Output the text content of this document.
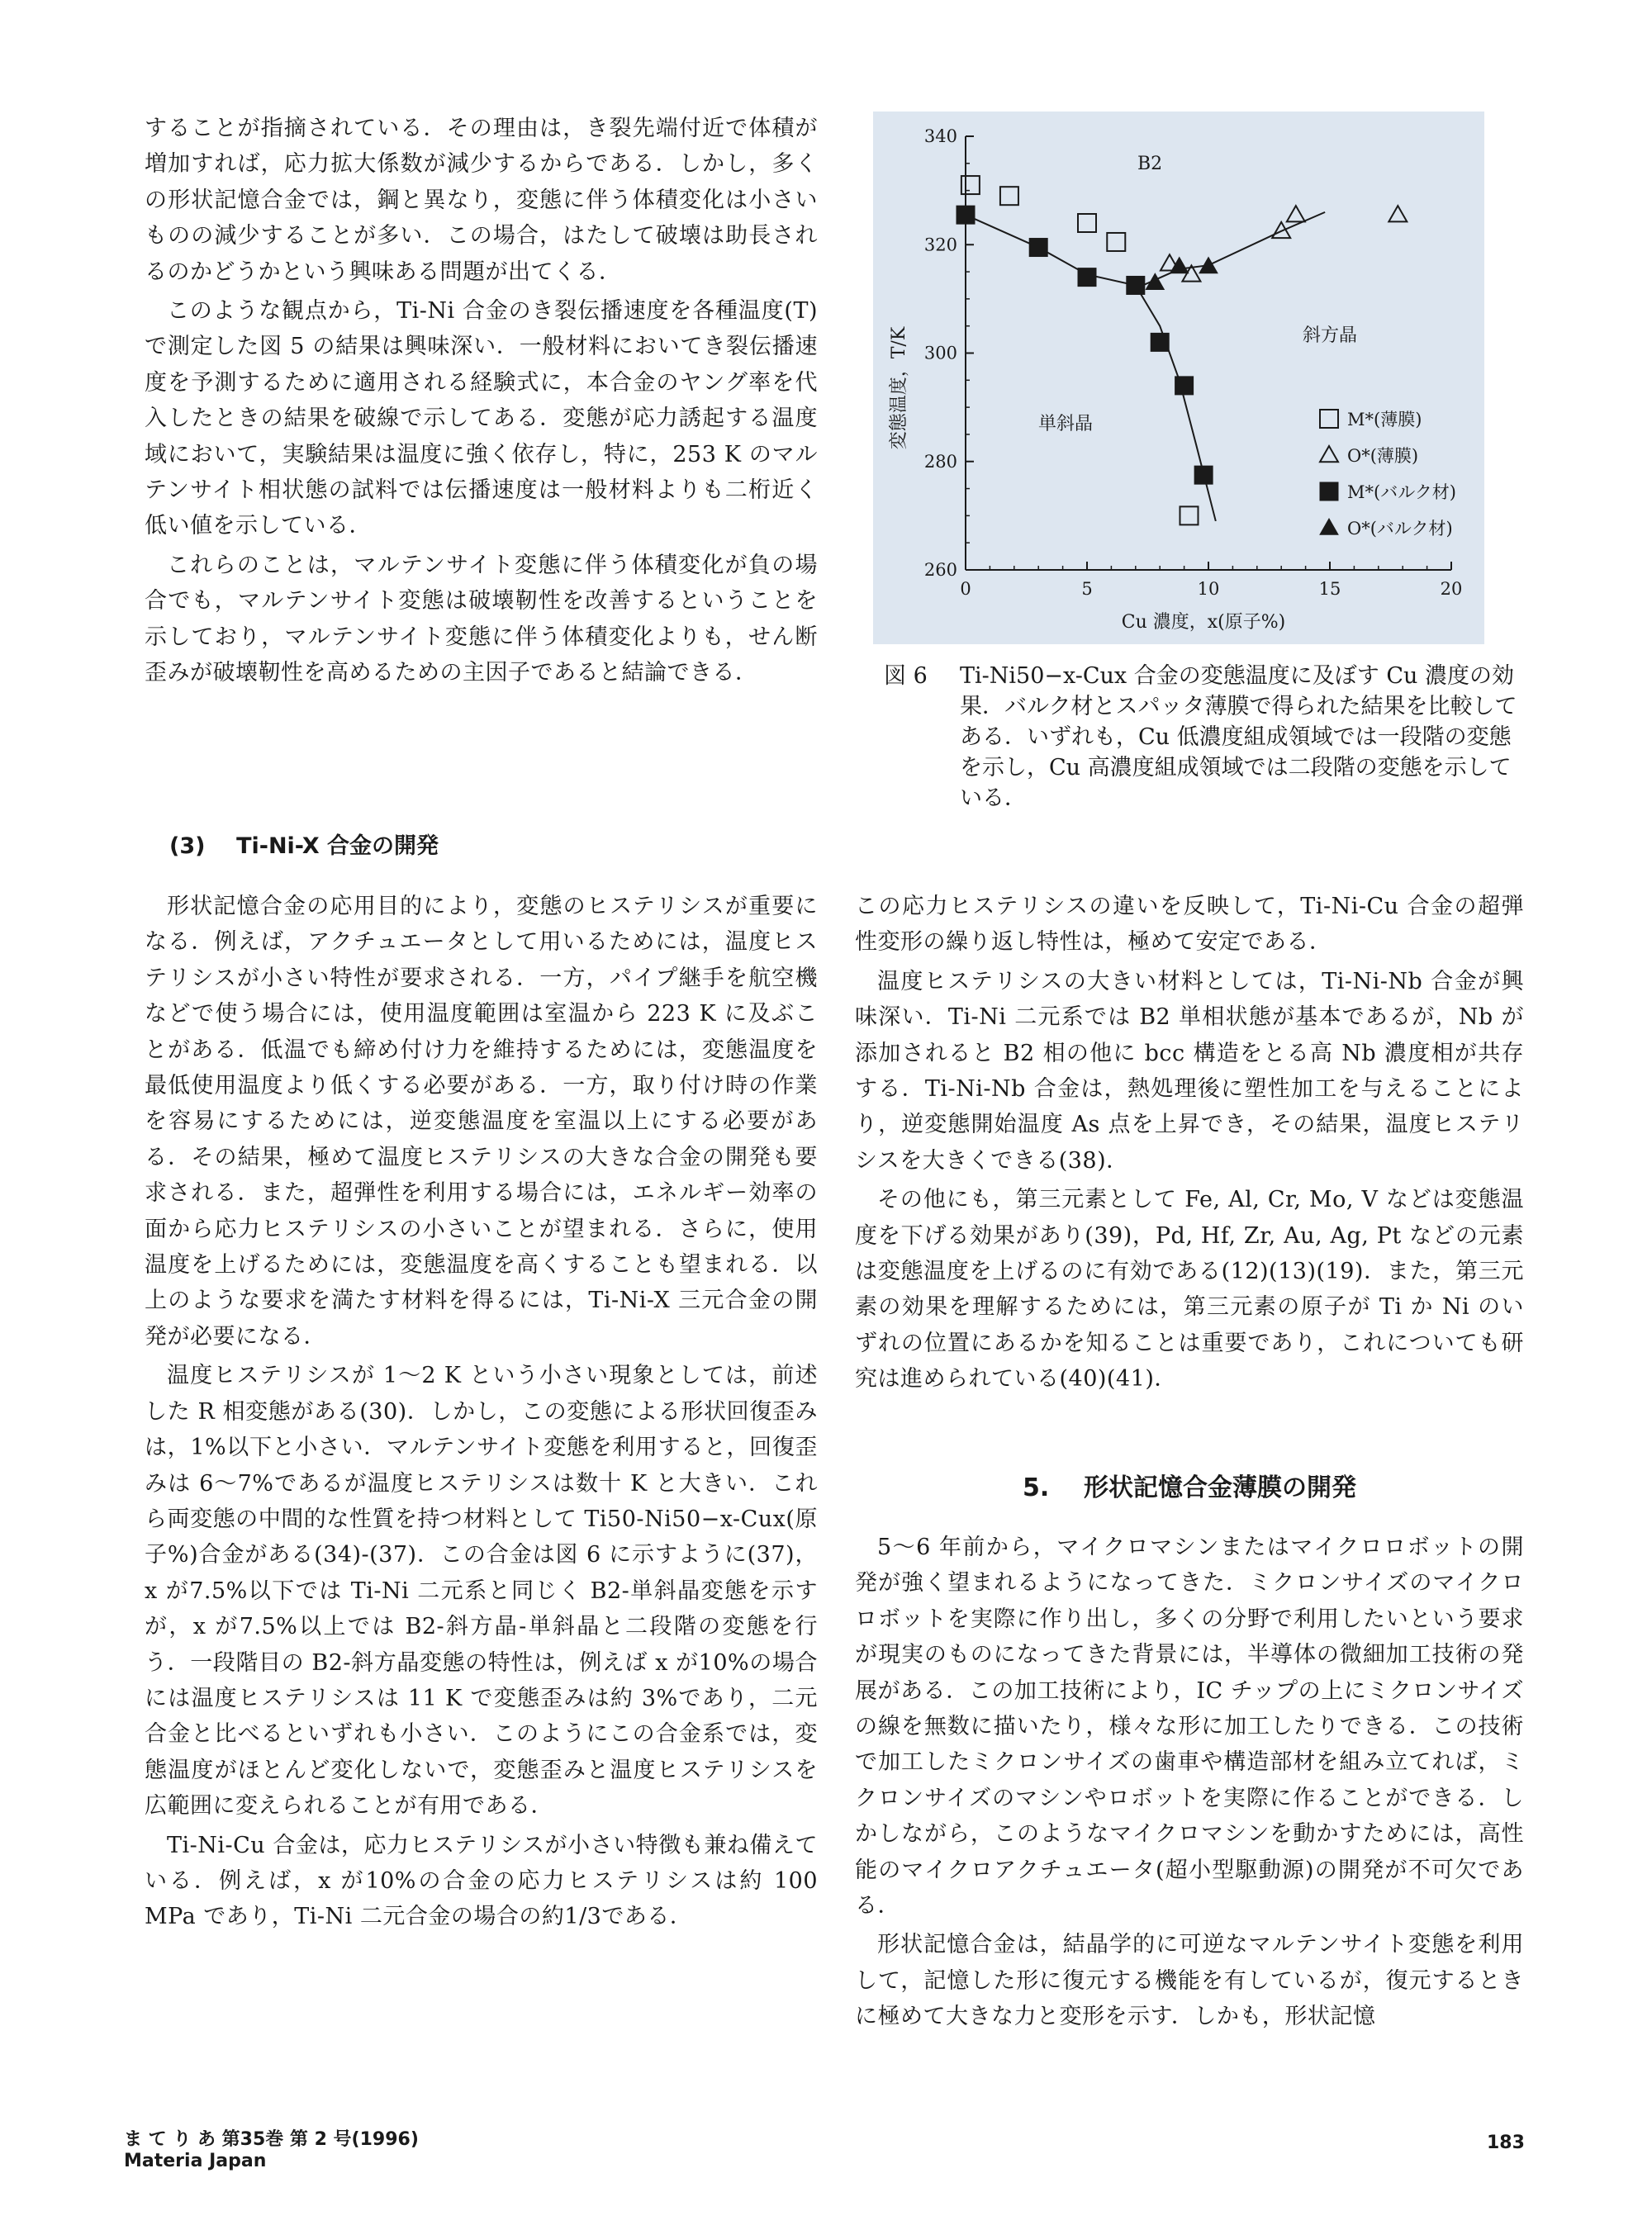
することが指摘されている．その理由は，き裂先端付近で体積が増加すれば，応力拡大係数が減少するからである．しかし，多くの形状記憶合金では，鋼と異なり，変態に伴う体積変化は小さいものの減少することが多い．この場合，はたして破壊は助長されるのかどうかという興味ある問題が出てくる．

このような観点から，Ti-Ni 合金のき裂伝播速度を各種温度(T)で測定した図 5 の結果は興味深い．一般材料においてき裂伝播速度を予測するために適用される経験式に，本合金のヤング率を代入したときの結果を破線で示してある．変態が応力誘起する温度域において，実験結果は温度に強く依存し，特に，253 K のマルテンサイト相状態の試料では伝播速度は一般材料よりも二桁近く低い値を示している．

これらのことは，マルテンサイト変態に伴う体積変化が負の場合でも，マルテンサイト変態は破壊靭性を改善するということを示しており，マルテンサイト変態に伴う体積変化よりも，せん断歪みが破壊靭性を高めるための主因子であると結論できる．

(3) Ti-Ni-X 合金の開発

形状記憶合金の応用目的により，変態のヒステリシスが重要になる．例えば，アクチュエータとして用いるためには，温度ヒステリシスが小さい特性が要求される．一方，パイプ継手を航空機などで使う場合には，使用温度範囲は室温から 223 K に及ぶことがある．低温でも締め付け力を維持するためには，変態温度を最低使用温度より低くする必要がある．一方，取り付け時の作業を容易にするためには，逆変態温度を室温以上にする必要がある．その結果，極めて温度ヒステリシスの大きな合金の開発も要求される．また，超弾性を利用する場合には，エネルギー効率の面から応力ヒステリシスの小さいことが望まれる．さらに，使用温度を上げるためには，変態温度を高くすることも望まれる．以上のような要求を満たす材料を得るには，Ti-Ni-X 三元合金の開発が必要になる．

温度ヒステリシスが 1～2 K という小さい現象としては，前述した R 相変態がある(30)．しかし，この変態による形状回復歪みは，1%以下と小さい．マルテンサイト変態を利用すると，回復歪みは 6～7%であるが温度ヒステリシスは数十 K と大きい．これら両変態の中間的な性質を持つ材料として Ti50-Ni50−x-Cux(原子%)合金がある(34)-(37)．この合金は図 6 に示すように(37)，x が7.5%以下では Ti-Ni 二元系と同じく B2-単斜晶変態を示すが，x が7.5%以上では B2-斜方晶-単斜晶と二段階の変態を行う．一段階目の B2-斜方晶変態の特性は，例えば x が10%の場合には温度ヒステリシスは 11 K で変態歪みは約 3%であり，二元合金と比べるといずれも小さい．このようにこの合金系では，変態温度がほとんど変化しないで，変態歪みと温度ヒステリシスを広範囲に変えられることが有用である．

Ti-Ni-Cu 合金は，応力ヒステリシスが小さい特徴も兼ね備えている．例えば，x が10%の合金の応力ヒステリシスは約 100 MPa であり，Ti-Ni 二元合金の場合の約1/3である．

0	5	10	15	20
260
280
300
320
340
M*(薄膜)
O*(薄膜)
M*(バルク材)
O*(バルク材)
B2
斜方晶
単斜晶
Cu 濃度，x(原子%)
変態温度，T/K
図 6 Ti-Ni50−x-Cux 合金の変態温度に及ぼす Cu 濃度の効果．バルク材とスパッタ薄膜で得られた結果を比較してある．いずれも，Cu 低濃度組成領域では一段階の変態を示し，Cu 高濃度組成領域では二段階の変態を示している．

この応力ヒステリシスの違いを反映して，Ti-Ni-Cu 合金の超弾性変形の繰り返し特性は，極めて安定である．

温度ヒステリシスの大きい材料としては，Ti-Ni-Nb 合金が興味深い．Ti-Ni 二元系では B2 単相状態が基本であるが，Nb が添加されると B2 相の他に bcc 構造をとる高 Nb 濃度相が共存する．Ti-Ni-Nb 合金は，熱処理後に塑性加工を与えることにより，逆変態開始温度 As 点を上昇でき，その結果，温度ヒステリシスを大きくできる(38)．

その他にも，第三元素として Fe, Al, Cr, Mo, V などは変態温度を下げる効果があり(39)，Pd, Hf, Zr, Au, Ag, Pt などの元素は変態温度を上げるのに有効である(12)(13)(19)．また，第三元素の効果を理解するためには，第三元素の原子が Ti か Ni のいずれの位置にあるかを知ることは重要であり，これについても研究は進められている(40)(41)．

5. 形状記憶合金薄膜の開発

5～6 年前から，マイクロマシンまたはマイクロロボットの開発が強く望まれるようになってきた．ミクロンサイズのマイクロロボットを実際に作り出し，多くの分野で利用したいという要求が現実のものになってきた背景には，半導体の微細加工技術の発展がある．この加工技術により，IC チップの上にミクロンサイズの線を無数に描いたり，様々な形に加工したりできる．この技術で加工したミクロンサイズの歯車や構造部材を組み立てれば，ミクロンサイズのマシンやロボットを実際に作ることができる．しかしながら，このようなマイクロマシンを動かすためには，高性能のマイクロアクチュエータ(超小型駆動源)の開発が不可欠である．

形状記憶合金は，結晶学的に可逆なマルテンサイト変態を利用して，記憶した形に復元する機能を有しているが，復元するときに極めて大きな力と変形を示す．しかも，形状記憶

ま て り あ 第35巻 第 2 号(1996)
Materia Japan
183
